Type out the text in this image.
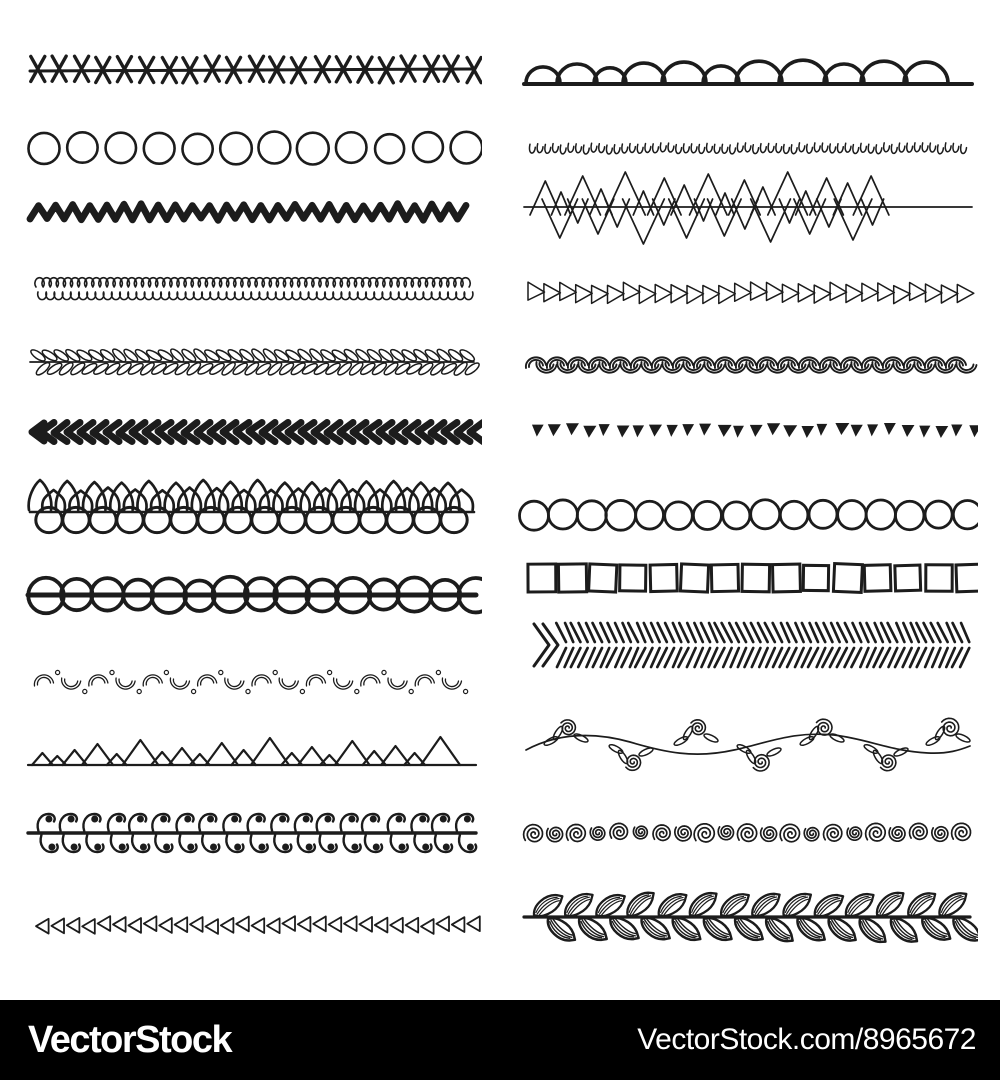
VectorStock	VectorStock.com/8965672
